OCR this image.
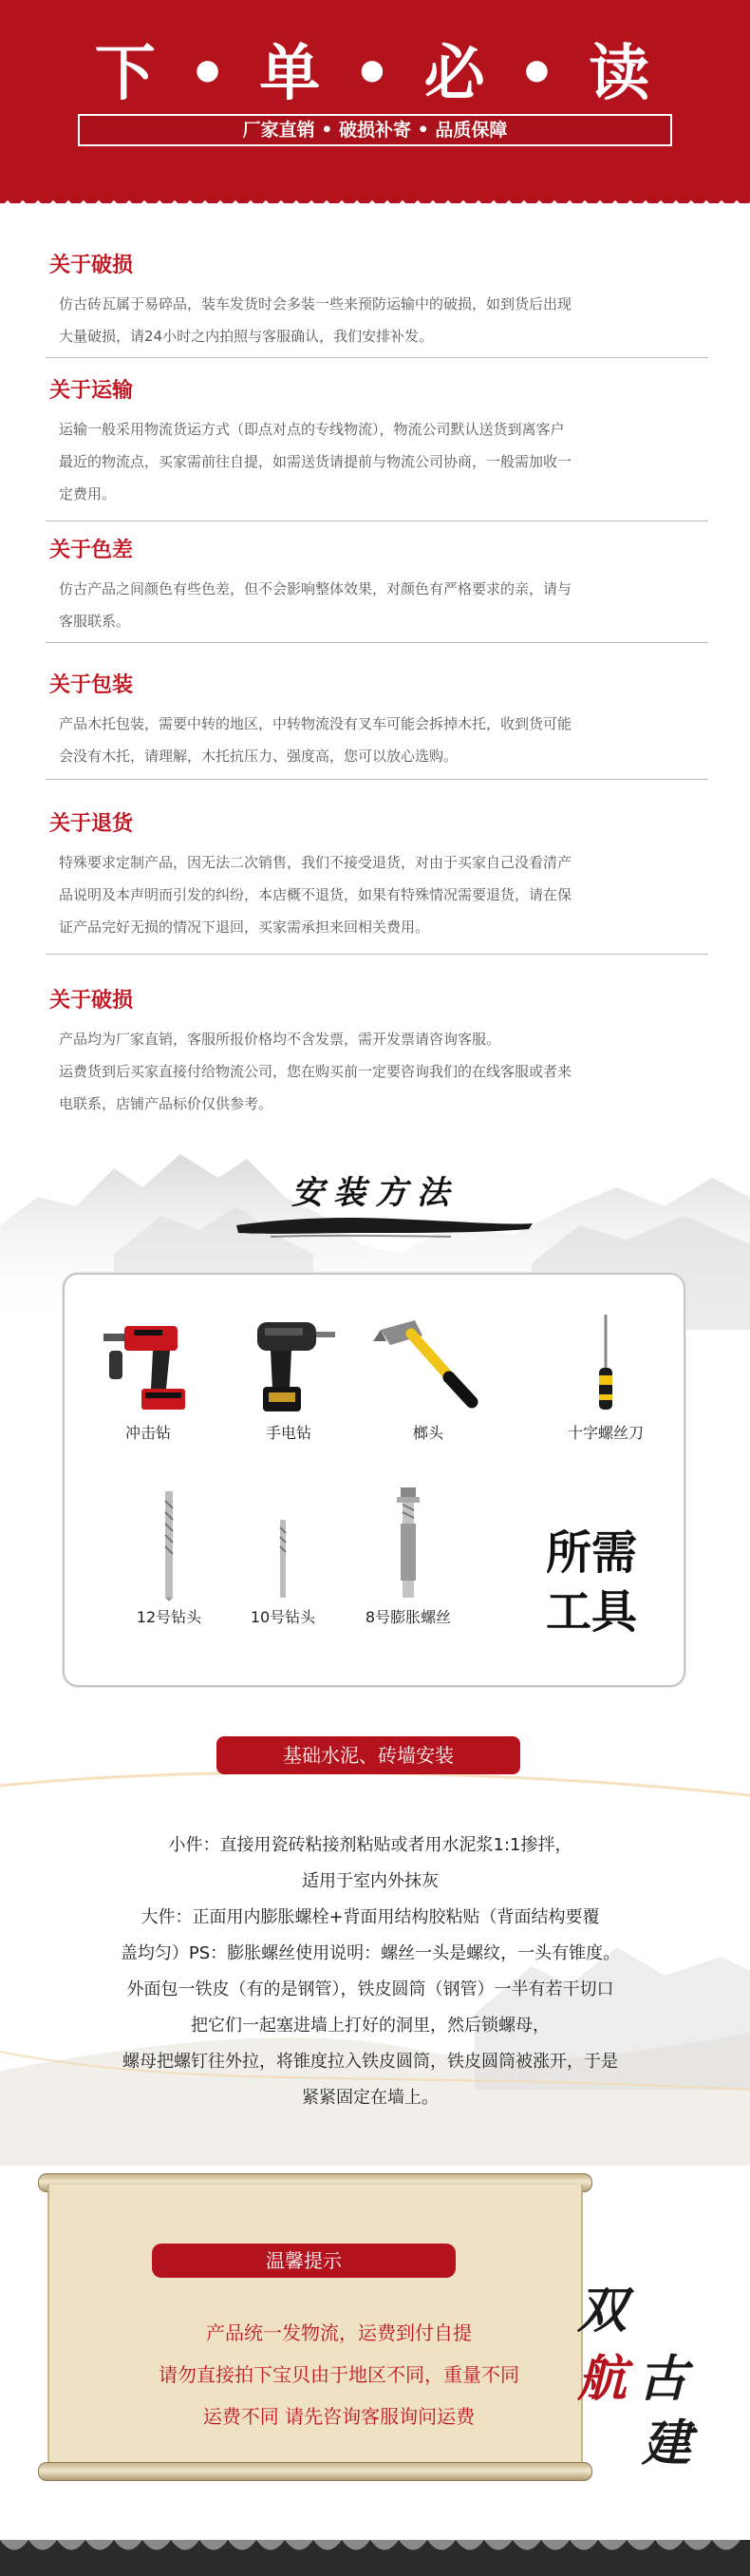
下 • 单 • 必 • 读
厂家直销 • 破损补寄 • 品质保障
关于破损
仿古砖瓦属于易碎品，装车发货时会多装一些来预防运输中的破损，如到货后出现
大量破损，请24小时之内拍照与客服确认，我们安排补发。
关于运输
运输一般采用物流货运方式（即点对点的专线物流），物流公司默认送货到离客户
最近的物流点，买家需前往自提，如需送货请提前与物流公司协商，一般需加收一
定费用。
关于色差
仿古产品之间颜色有些色差，但不会影响整体效果，对颜色有严格要求的亲，请与
客服联系。
关于包装
产品木托包装，需要中转的地区，中转物流没有叉车可能会拆掉木托，收到货可能
会没有木托，请理解，木托抗压力、强度高，您可以放心选购。
关于退货
特殊要求定制产品，因无法二次销售，我们不接受退货，对由于买家自己没看清产
品说明及本声明而引发的纠纷，本店概不退货，如果有特殊情况需要退货，请在保
证产品完好无损的情况下退回，买家需承担来回相关费用。
关于破损
产品均为厂家直销，客服所报价格均不含发票，需开发票请咨询客服。
运费货到后买家直接付给物流公司，您在购买前一定要咨询我们的在线客服或者来
电联系，店铺产品标价仅供参考。
安装方法
冲击钻	手电钻	榔头	十字螺丝刀
12号钻头	10号钻头	8号膨胀螺丝
所需
工具
基础水泥、砖墙安装
小件：直接用瓷砖粘接剂粘贴或者用水泥浆1:1掺拌，
适用于室内外抹灰
大件：正面用内膨胀螺栓+背面用结构胶粘贴（背面结构要覆
盖均匀）PS：膨胀螺丝使用说明：螺丝一头是螺纹，一头有锥度。
外面包一铁皮（有的是钢管），铁皮圆筒（钢管）一半有若干切口
把它们一起塞进墙上打好的洞里，然后锁螺母，
螺母把螺钉往外拉，将锥度拉入铁皮圆筒，铁皮圆筒被涨开，于是
紧紧固定在墙上。
温馨提示
产品统一发物流，运费到付自提
请勿直接拍下宝贝由于地区不同，重量不同
运费不同 请先咨询客服询问运费
双
航 古
建
